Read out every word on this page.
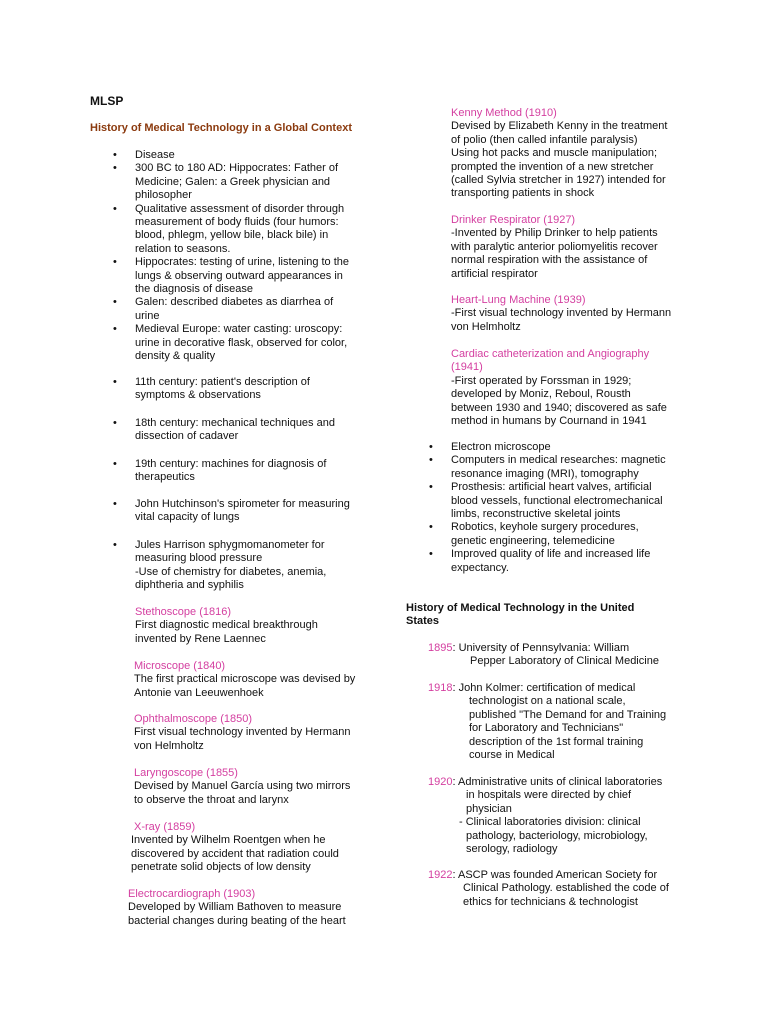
MLSP
History of Medical Technology in a Global Context
• Disease
• 300 BC to 180 AD: Hippocrates: Father of
Medicine; Galen: a Greek physician and
philosopher
• Qualitative assessment of disorder through
measurement of body fluids (four humors:
blood, phlegm, yellow bile, black bile) in
relation to seasons.
• Hippocrates: testing of urine, listening to the
lungs & observing outward appearances in
the diagnosis of disease
• Galen: described diabetes as diarrhea of
urine
• Medieval Europe: water casting: uroscopy:
urine in decorative flask, observed for color,
density & quality
• 11th century: patient's description of
symptoms & observations
• 18th century: mechanical techniques and
dissection of cadaver
• 19th century: machines for diagnosis of
therapeutics
• John Hutchinson's spirometer for measuring
vital capacity of lungs
• Jules Harrison sphygmomanometer for
measuring blood pressure
-Use of chemistry for diabetes, anemia,
diphtheria and syphilis
Stethoscope (1816)
First diagnostic medical breakthrough
invented by Rene Laennec
Microscope (1840)
The first practical microscope was devised by
Antonie van Leeuwenhoek
Ophthalmoscope (1850)
First visual technology invented by Hermann
von Helmholtz
Laryngoscope (1855)
Devised by Manuel García using two mirrors
to observe the throat and larynx
X-ray (1859)
Invented by Wilhelm Roentgen when he
discovered by accident that radiation could
penetrate solid objects of low density
Electrocardiograph (1903)
Developed by William Bathoven to measure
bacterial changes during beating of the heart
Kenny Method (1910)
Devised by Elizabeth Kenny in the treatment
of polio (then called infantile paralysis)
Using hot packs and muscle manipulation;
prompted the invention of a new stretcher
(called Sylvia stretcher in 1927) intended for
transporting patients in shock
Drinker Respirator (1927)
-Invented by Philip Drinker to help patients
with paralytic anterior poliomyelitis recover
normal respiration with the assistance of
artificial respirator
Heart-Lung Machine (1939)
-First visual technology invented by Hermann
von Helmholtz
Cardiac catheterization and Angiography
(1941)
-First operated by Forssman in 1929;
developed by Moniz, Reboul, Rousth
between 1930 and 1940; discovered as safe
method in humans by Cournand in 1941
• Electron microscope
• Computers in medical researches: magnetic
resonance imaging (MRI), tomography
• Prosthesis: artificial heart valves, artificial
blood vessels, functional electromechanical
limbs, reconstructive skeletal joints
• Robotics, keyhole surgery procedures,
genetic engineering, telemedicine
• Improved quality of life and increased life
expectancy.
History of Medical Technology in the United
States
1895: University of Pennsylvania: William
Pepper Laboratory of Clinical Medicine
1918: John Kolmer: certification of medical
technologist on a national scale,
published "The Demand for and Training
for Laboratory and Technicians"
description of the 1st formal training
course in Medical
1920: Administrative units of clinical laboratories
in hospitals were directed by chief
physician
- Clinical laboratories division: clinical
pathology, bacteriology, microbiology,
serology, radiology
1922: ASCP was founded American Society for
Clinical Pathology. established the code of
ethics for technicians & technologist
